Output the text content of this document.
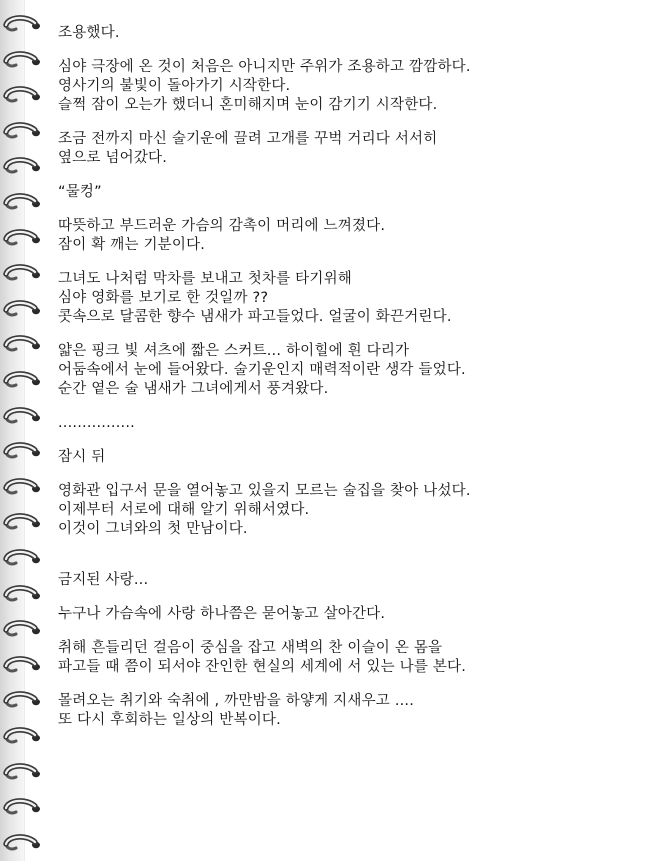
조용했다.

심야 극장에 온 것이 처음은 아니지만 주위가 조용하고 깜깜하다.
영사기의 불빛이 돌아가기 시작한다.
슬쩍 잠이 오는가 했더니 혼미해지며 눈이 감기기 시작한다.

조금 전까지 마신 술기운에 끌려 고개를 꾸벅 거리다 서서히
옆으로 넘어갔다.

“물컹”

따뜻하고 부드러운 가슴의 감촉이 머리에 느껴졌다.
잠이 확 깨는 기분이다.

그녀도 나처럼 막차를 보내고 첫차를 타기위해
심야 영화를 보기로 한 것일까 ??
콧속으로 달콤한 향수 냄새가 파고들었다. 얼굴이 화끈거린다.

얇은 핑크 빛 셔츠에 짧은 스커트... 하이힐에 흰 다리가
어둠속에서 눈에 들어왔다. 술기운인지 매력적이란 생각 들었다.
순간 옅은 술 냄새가 그녀에게서 풍겨왔다.

................

잠시 뒤

영화관 입구서 문을 열어놓고 있을지 모르는 술집을 찾아 나섰다.
이제부터 서로에 대해 알기 위해서였다.
이것이 그녀와의 첫 만남이다.

금지된 사랑...

누구나 가슴속에 사랑 하나쯤은 묻어놓고 살아간다.

취해 흔들리던 걸음이 중심을 잡고 새벽의 찬 이슬이 온 몸을
파고들 때 쯤이 되서야 잔인한 현실의 세계에 서 있는 나를 본다.

몰려오는 취기와 숙취에 , 까만밤을 하얗게 지새우고 ....
또 다시 후회하는 일상의 반복이다.
